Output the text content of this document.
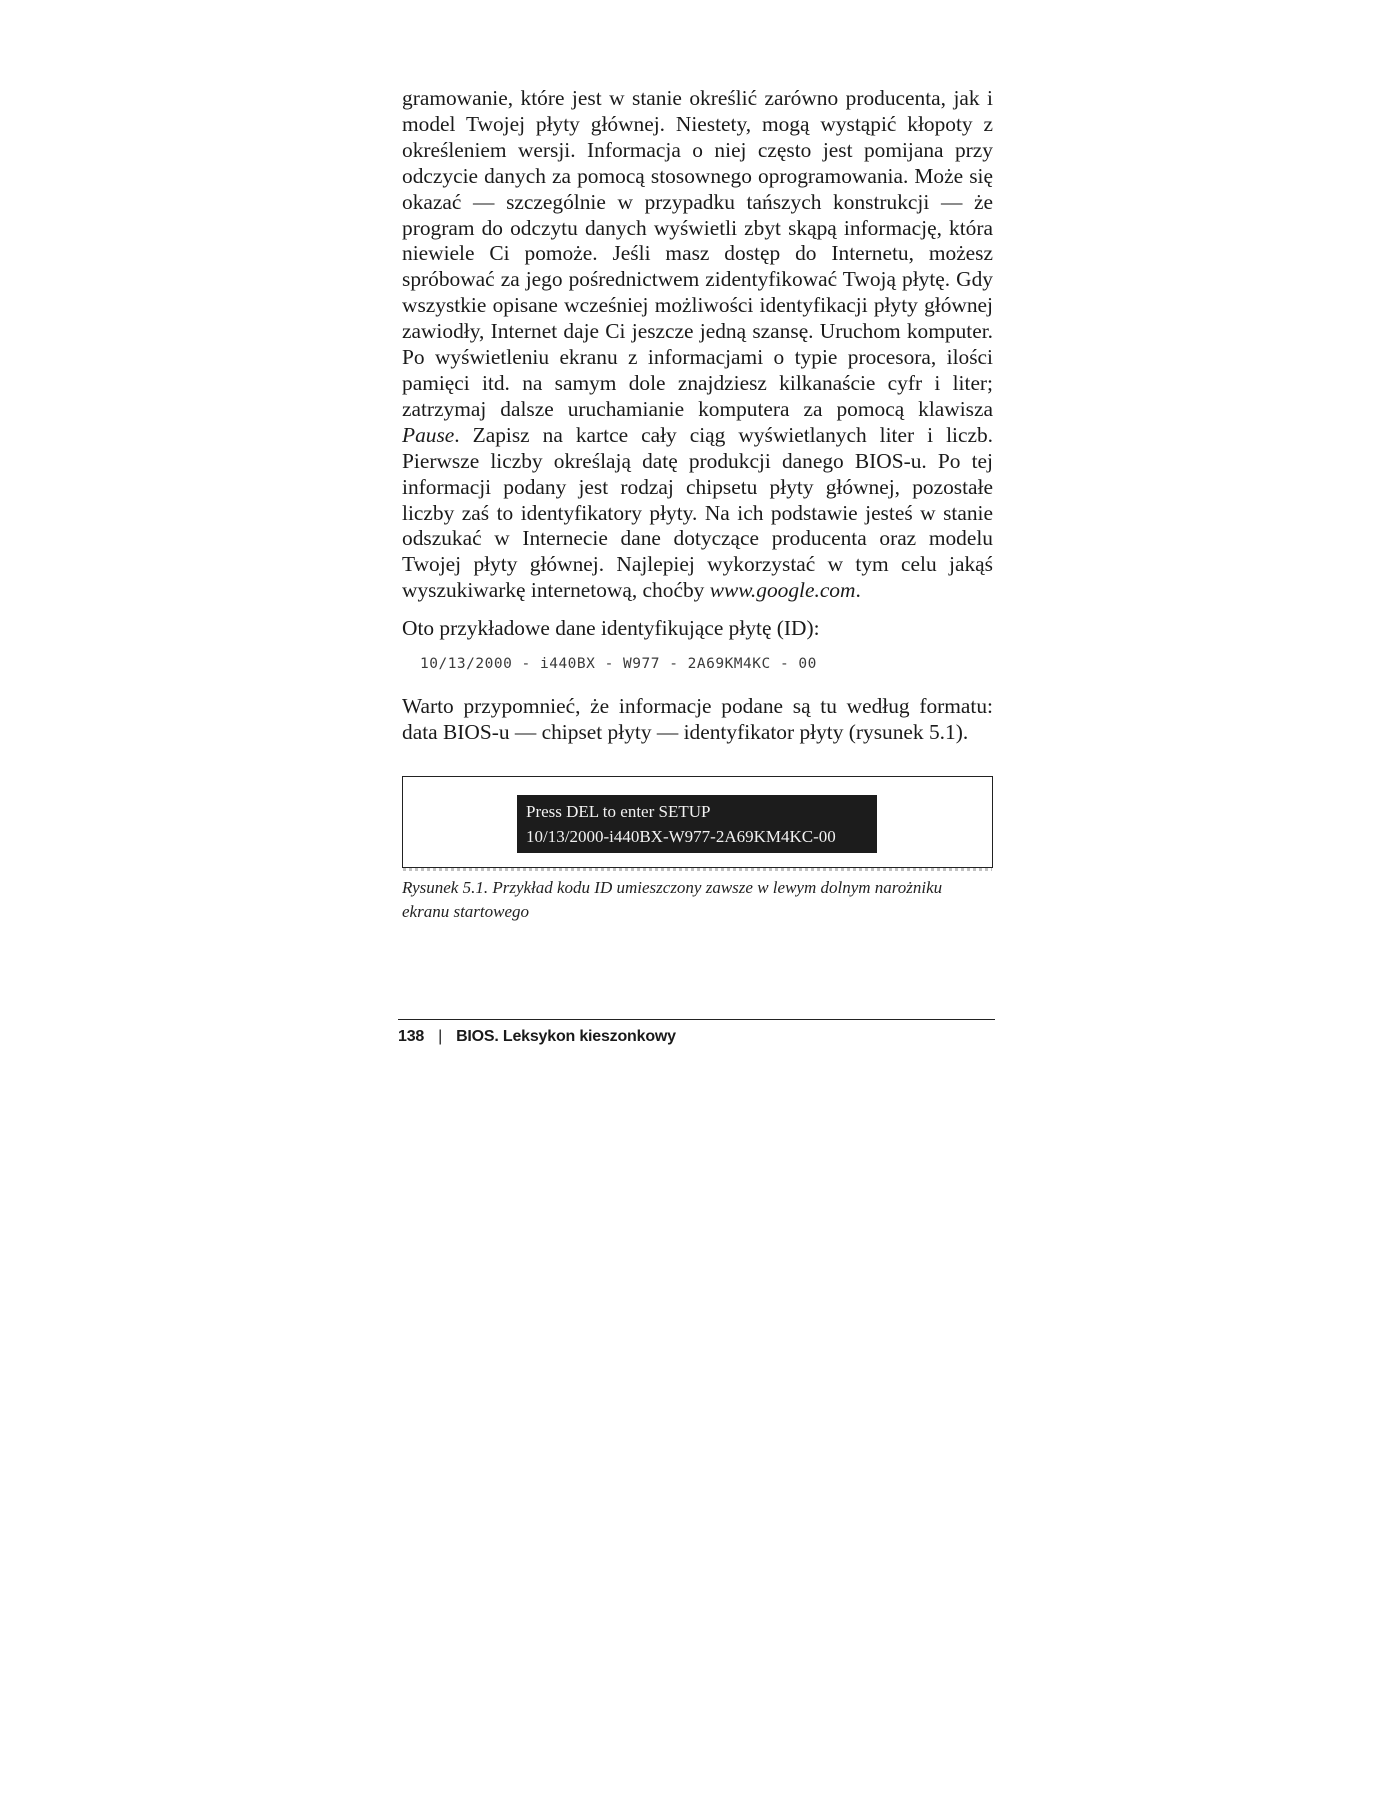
gramowanie, które jest w stanie określić zarówno producenta, jak i model Twojej płyty głównej. Niestety, mogą wystąpić kłopoty z określeniem wersji. Informacja o niej często jest pomijana przy odczycie danych za pomocą stosownego oprogramowania. Może się okazać — szczególnie w przypadku tańszych konstrukcji — że program do odczytu danych wyświetli zbyt skąpą informację, która niewiele Ci pomoże. Jeśli masz dostęp do Internetu, możesz spróbować za jego pośrednictwem zidentyfikować Twoją płytę. Gdy wszystkie opisane wcześniej możliwości identyfikacji płyty głównej zawiodły, Internet daje Ci jeszcze jedną szansę. Uruchom komputer. Po wyświetleniu ekranu z informacjami o typie procesora, ilości pamięci itd. na samym dole znajdziesz kilkanaście cyfr i liter; zatrzymaj dalsze uruchamianie komputera za pomocą klawisza Pause. Zapisz na kartce cały ciąg wyświetlanych liter i liczb. Pierwsze liczby określają datę produkcji danego BIOS-u. Po tej informacji podany jest rodzaj chipsetu płyty głównej, pozostałe liczby zaś to identyfikatory płyty. Na ich podstawie jesteś w stanie odszukać w Internecie dane dotyczące producenta oraz modelu Twojej płyty głównej. Najlepiej wykorzystać w tym celu jakąś wyszukiwarkę internetową, choćby www.google.com.

Oto przykładowe dane identyfikujące płytę (ID):

10/13/2000 - i440BX - W977 - 2A69KM4KC - 00

Warto przypomnieć, że informacje podane są tu według formatu: data BIOS-u — chipset płyty — identyfikator płyty (rysunek 5.1).

Press DEL to enter SETUP
10/13/2000-i440BX-W977-2A69KM4KC-00
Rysunek 5.1. Przykład kodu ID umieszczony zawsze w lewym dolnym narożniku ekranu startowego
138 | BIOS. Leksykon kieszonkowy
